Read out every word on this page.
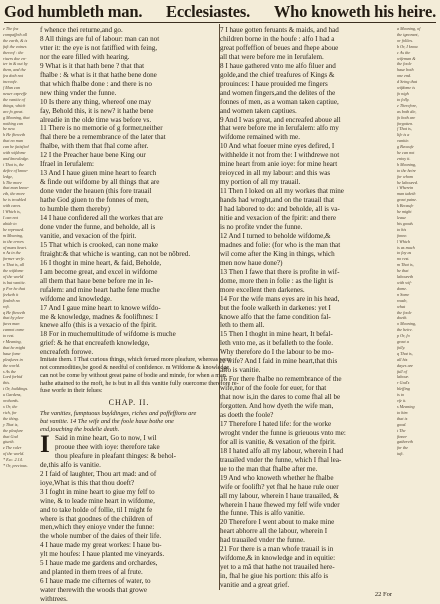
God humbleth man. Ecclesiastes. Who knoweth his heire.
e The fea
compaffeth all
the earth, & is
fuft the vaines
thereof : the
riuers doe en-
ter in & out by
them, and the
fea doth not
increafe.
f Man can
neuer expreffe
the vanitie of
things, which
are fo great.
g Meaning, that
nothing can
be new.
h He fheweth
that no man
can be fatisfied
with wifdome
and knowledge.
i That is, the
defire of know-
ledge,
k The more
that man know-
eth, the more
he is troubled
with cares.
l Which is,
I can not
abide to
be reproued.
m Meaning,
to the errors
of mans heart.
n As in the
former verfe.
o That is, all
the wifdome
of the world
is but vanitie.
p For he that
feeketh it
findeth no
reft.
q He fheweth
that by plea-
fures man
cannot come
to rest.
r Meaning,
that he might
haue fome
pleafures in
the world.
s As the
Lord forbid
this.
t Or, buildings.
u Gardens,
orchards.
x Or, the
rich, for
the thing.
y That is,
the pleafure
that God
giueth.
z The ruler
of the world.
* Ecc. 2.14.
* Or, precious.
a Meaning, of
the ignorant,
or follies.
b Or, I know.
c As the
wifeman &
the foole
haue both
one end.
d Seing that
wifdome is
fo nigh
to folly.
e Therefore,
as both die,
fo both are
forgotten.
f That is,
life is a
vanitie.
g Becaufe
he can not
enioy it.
h Meaning,
to the heire
for whom
he laboured.
i Wherein
man taketh
great paine.
k Becaufe
he might
leaue
his goods
to his
fonne.
l Which
is as much
to fay as
no rest.
m That is,
he that
laboureth
with wif-
dome.
n Some
reade,
what
the foole
doeth.
o Meaning,
the heire.
p Or, fo
great a
folly.
q That is,
all his
dayes are
full of
labour.
r God's
bleffing
is to
vfe it.
s Meaning
to him
that is
good.
t The
finner
gathereth
for the
iuft.

f whence thei returne,and go.

8 All things are ful of labour: man can not

vtter it: the eye is not fatiffied with feing,

nor the eare filled with hearing.

9 What is it that hath bene ? that that

fhalbe : & what is it that hathe bene done

that which fhalbe done : and there is no

new thing vnder the funne.

10 Is there any thing, whereof one may

fay, Behold this, it is new? it hathe bene

alreadie in the olde time was before vs.

11 There is no memorie of g former,neither

fhal there be a remembrance of the later that

fhalbe, with them that fhal come after.

12 I the Preacher haue bene King our

Ifrael in Ierufalem:

13 And I haue giuen mine heart to fearch

& finde out wifdome by all things that are

done vnder the heauen (this fore trauail

hathe God giuen to the fonnes of men,

to humble them thereby)

14 I haue confidered all the workes that are

done vnder the funne, and beholde, all is

vanitie, and vexacion of the fpirit.

15 That which is crooked, can none make

ftraight:& that whiche is wanting, can not be nõbred.

16 I thoght in mine heart, & faid, Beholde,

I am become great, and excel in wifdome

all them that haue bene before me in Ie-

rufalem: and mine heart hathe fene muche

wifdome and knowledge.

17 And I gaue mine heart to knowe wifdo-

me & knowledge, madnes & foolifhnes: I

knewe alfo (this is a vexacio of the fpirit.

18 For in muchemultitude of wifdome is muche

grief: & he that encreafeth knowledge,

encreafeth forowe.

Imitate them. I That curious things, which ferued more pleafure, whereas were

not commodities,be good & needful of confidence. m Wifdome & knowledge

can not be come by without great paine of bodie and minde, for when a man

hathe attained to the moft, he is but in all this vanitie fully ouercome therefore re-

fuse worfe in their felues:

CHAP. II.

The vanities, fumptuous buyldinges, riches and poffeffions are

but vanitie. 14 The wife and the foole haue bothe one

end,touching the bodelie death.

I Said in mine heart, Go to now, I wil

prooue thee with ioye: therefore take

thou pleafure in pleafant thinges: & behol-

de,this alfo is vanitie.

2 I faid of laughter, Thou art mad: and of

ioye,What is this that thou doeft?

3 I foght in mine heart to giue my felf to

wine, & to leade mine heart in wifdome,

and to take holde of follie, til I might fe

where is that goodnes of the children of

men,which they enioye vnder the funne:

the whole number of the daies of their life.

4 I haue made my great workes: I haue bu-

ylt me houfes: I haue planted me vineyards.

5 I haue made me gardens and orchardes,

and planted in them trees of al frute.

6 I haue made me cifternes of water, to

water therewith the woods that growe

withtrees.

7 I haue gotten feruants & maids, and had

children borne in the houfe : alfo I had a

great poffeffion of beues and fhepe aboue

all that were before me in Ierufalem.

8 I haue gathered vnto me alfo filuer and

golde,and the chief treafures of Kings &

prouinces: I haue prouided me fingers

and women fingers,and the delites of the

fonnes of men, as a woman taken captiue,

and women taken captiues.

9 And I was great, and encreafed aboue all

that were before me in Ierufalem: alfo my

wifdome remained with me.

10 And what foeuer mine eyes defired, I

withhelde it not from the: I withdrewe not

mine heart from anie ioye: for mine heart

reioyced in all my labour: and this was

my portion of all my trauail.

11 Then I loked on all my workes that mine

hands had wroght,and on the trauail that

I had labored to do: and beholde, all is va-

nitie and vexacion of the fpirit: and there

is no profite vnder the funne.

12 And I turned to beholde wifdome,&

madnes and folie: (for who is the man that

wil come after the King in things, which

men now haue done?)

13 Then I fawe that there is profite in wif-

dome, more then in folie : as the light is

more excellent then darkenes.

14 For the wife mans eyes are in his head,

but the foole walketh in darkenes: yet I

knowe alfo that the fame condition fal-

leth to them all.

15 Then I thoght in mine heart, It befal-

leth vnto me, as it befalleth to the foole.

Why therefore do I the labour to be mo-

re wife? And I faid in mine heart,that this

alfo is vanitie.

16 For there fhalbe no remembrance of the

wife,nor of the foole for euer, for that

that now is,in the dares to come fhal all be

forgotten. And how dyeth the wife man,

as doeth the foole?

17 Therefore I hated life: for the worke

wroght vnder the funne is grieuous vnto me:

for all is vanitie, & vexation of the fpirit.

18 I hated alfo all my labour, wherein I had

trauailed vnder the funne, which I fhal lea-

ue to the man that fhalbe after me.

19 And who knoweth whether he fhalbe

wife or foolifh? yet fhal he haue rule ouer

all my labour, wherein I haue trauailed, &

wherein I haue fhewed my felf wife vnder

the funne. This is alfo vanitie.

20 Therefore I went about to make mine

heart abhorre all the labour, wherein I

had trauailed vnder the funne.

21 For there is a man whofe trauail is in

wifdome,& in knowledge and in equitie:

yet to a mã that hathe not trauailed here-

in, fhal he giue his portion: this alfo is

vanitie and a great grief.

22 For
